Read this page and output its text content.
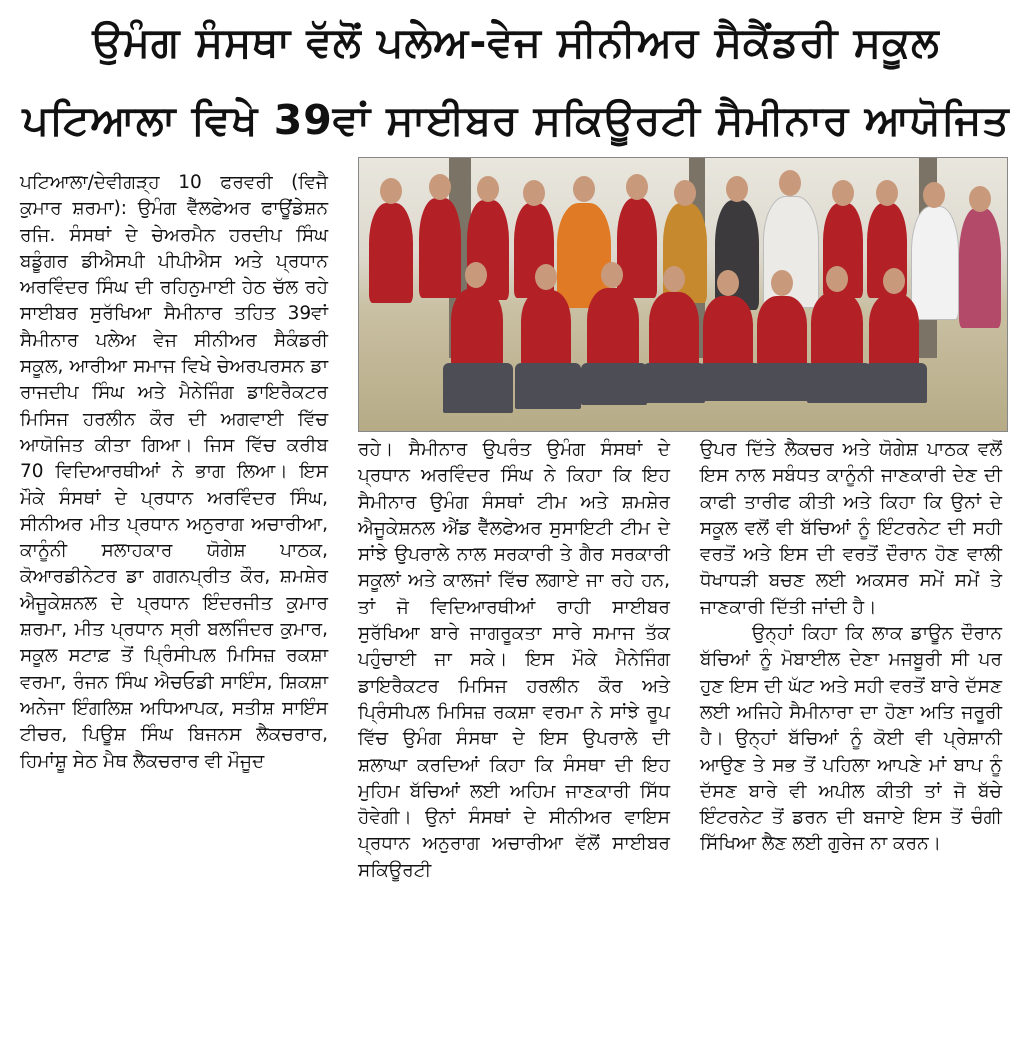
ਉਮੰਗ ਸੰਸਥਾ ਵੱਲੋਂ ਪਲੇਅ-ਵੇਜ ਸੀਨੀਅਰ ਸੈਕੈਂਡਰੀ ਸਕੂਲ
ਪਟਿਆਲਾ ਵਿਖੇ 39ਵਾਂ ਸਾਈਬਰ ਸਕਿਊਰਟੀ ਸੈਮੀਨਾਰ ਆਯੋਜਿਤ

ਪਟਿਆਲਾ/ਦੇਵੀਗੜ੍ਹ 10 ਫਰਵਰੀ (ਵਿਜੈ ਕੁਮਾਰ ਸ਼ਰਮਾ): ਉਮੰਗ ਵੈੱਲਫੇਅਰ ਫਾਊਂਡੇਸ਼ਨ ਰਜਿ. ਸੰਸਥਾਂ ਦੇ ਚੇਅਰਮੈਨ ਹਰਦੀਪ ਸਿੰਘ ਬਡੂੰਗਰ ਡੀਐਸਪੀ ਪੀਪੀਐਸ ਅਤੇ ਪ੍ਰਧਾਨ ਅਰਵਿੰਦਰ ਸਿੰਘ ਦੀ ਰਹਿਨੁਮਾਈ ਹੇਠ ਚੱਲ ਰਹੇ ਸਾਈਬਰ ਸੁਰੱਖਿਆ ਸੈਮੀਨਾਰ ਤਹਿਤ 39ਵਾਂ ਸੈਮੀਨਾਰ ਪਲੇਅ ਵੇਜ ਸੀਨੀਅਰ ਸੈਕੰਡਰੀ ਸਕੂਲ, ਆਰੀਆ ਸਮਾਜ ਵਿਖੇ ਚੇਅਰਪਰਸਨ ਡਾ ਰਾਜਦੀਪ ਸਿੰਘ ਅਤੇ ਮੈਨੇਜਿੰਗ ਡਾਇਰੈਕਟਰ ਮਿਸਿਜ ਹਰਲੀਨ ਕੌਰ ਦੀ ਅਗਵਾਈ ਵਿੱਚ ਆਯੋਜਿਤ ਕੀਤਾ ਗਿਆ। ਜਿਸ ਵਿੱਚ ਕਰੀਬ 70 ਵਿਦਿਆਰਥੀਆਂ ਨੇ ਭਾਗ ਲਿਆ। ਇਸ ਮੌਕੇ ਸੰਸਥਾਂ ਦੇ ਪ੍ਰਧਾਨ ਅਰਵਿੰਦਰ ਸਿੰਘ, ਸੀਨੀਅਰ ਮੀਤ ਪ੍ਰਧਾਨ ਅਨੁਰਾਗ ਅਚਾਰੀਆ, ਕਾਨੂੰਨੀ ਸਲਾਹਕਾਰ ਯੋਗੇਸ਼ ਪਾਠਕ, ਕੋਆਰਡੀਨੇਟਰ ਡਾ ਗਗਨਪ੍ਰੀਤ ਕੌਰ, ਸ਼ਮਸ਼ੇਰ ਐਜੂਕੇਸ਼ਨਲ ਦੇ ਪ੍ਰਧਾਨ ਇੰਦਰਜੀਤ ਕੁਮਾਰ ਸ਼ਰਮਾ, ਮੀਤ ਪ੍ਰਧਾਨ ਸ੍ਰੀ ਬਲਜਿੰਦਰ ਕੁਮਾਰ, ਸਕੂਲ ਸਟਾਫ਼ ਤੋਂ ਪ੍ਰਿੰਸੀਪਲ ਮਿਸਿਜ਼ ਰਕਸ਼ਾ ਵਰਮਾ, ਰੰਜਨ ਸਿੰਘ ਐਚਓਡੀ ਸਾਇੰਸ, ਸ਼ਿਕਸ਼ਾ ਅਨੇਜਾ ਇੰਗਲਿਸ਼ ਅਧਿਆਪਕ, ਸਤੀਸ਼ ਸਾਇੰਸ ਟੀਚਰ, ਪਿਊਸ਼ ਸਿੰਘ ਬਿਜਨਸ ਲੈਕਚਰਾਰ, ਹਿਮਾਂਸ਼ੂ ਸੇਠ ਮੈਥ ਲੈਕਚਰਾਰ ਵੀ ਮੌਜੂਦ

ਰਹੇ। ਸੈਮੀਨਾਰ ਉਪਰੰਤ ਉਮੰਗ ਸੰਸਥਾਂ ਦੇ ਪ੍ਰਧਾਨ ਅਰਵਿੰਦਰ ਸਿੰਘ ਨੇ ਕਿਹਾ ਕਿ ਇਹ ਸੈਮੀਨਾਰ ਉਮੰਗ ਸੰਸਥਾਂ ਟੀਮ ਅਤੇ ਸ਼ਮਸ਼ੇਰ ਐਜੂਕੇਸ਼ਨਲ ਐਂਡ ਵੈੱਲਫੇਅਰ ਸੁਸਾਇਟੀ ਟੀਮ ਦੇ ਸਾਂਝੇ ਉਪਰਾਲੇ ਨਾਲ ਸਰਕਾਰੀ ਤੇ ਗੈਰ ਸਰਕਾਰੀ ਸਕੂਲਾਂ ਅਤੇ ਕਾਲਜਾਂ ਵਿੱਚ ਲਗਾਏ ਜਾ ਰਹੇ ਹਨ, ਤਾਂ ਜੋ ਵਿਦਿਆਰਥੀਆਂ ਰਾਹੀ ਸਾਈਬਰ ਸੁਰੱਖਿਆ ਬਾਰੇ ਜਾਗਰੂਕਤਾ ਸਾਰੇ ਸਮਾਜ ਤੱਕ ਪਹੁੰਚਾਈ ਜਾ ਸਕੇ। ਇਸ ਮੌਕੇ ਮੈਨੇਜਿੰਗ ਡਾਇਰੈਕਟਰ ਮਿਸਿਜ ਹਰਲੀਨ ਕੌਰ ਅਤੇ ਪ੍ਰਿੰਸੀਪਲ ਮਿਸਿਜ਼ ਰਕਸ਼ਾ ਵਰਮਾ ਨੇ ਸਾਂਝੇ ਰੂਪ ਵਿੱਚ ਉਮੰਗ ਸੰਸਥਾ ਦੇ ਇਸ ਉਪਰਾਲੇ ਦੀ ਸ਼ਲਾਘਾ ਕਰਦਿਆਂ ਕਿਹਾ ਕਿ ਸੰਸਥਾ ਦੀ ਇਹ ਮੁਹਿਮ ਬੱਚਿਆਂ ਲਈ ਅਹਿਮ ਜਾਣਕਾਰੀ ਸਿੱਧ ਹੋਵੇਗੀ। ਉਨਾਂ ਸੰਸਥਾਂ ਦੇ ਸੀਨੀਅਰ ਵਾਇਸ ਪ੍ਰਧਾਨ ਅਨੁਰਾਗ ਅਚਾਰੀਆ ਵੱਲੋਂ ਸਾਈਬਰ ਸਕਿਊਰਟੀ

ਉਪਰ ਦਿੱਤੇ ਲੈਕਚਰ ਅਤੇ ਯੋਗੇਸ਼ ਪਾਠਕ ਵਲੋਂ ਇਸ ਨਾਲ ਸਬੰਧਤ ਕਾਨੂੰਨੀ ਜਾਣਕਾਰੀ ਦੇਣ ਦੀ ਕਾਫੀ ਤਾਰੀਫ ਕੀਤੀ ਅਤੇ ਕਿਹਾ ਕਿ ਉਨਾਂ ਦੇ ਸਕੂਲ ਵਲੋਂ ਵੀ ਬੱਚਿਆਂ ਨੂੰ ਇੰਟਰਨੇਟ ਦੀ ਸਹੀ ਵਰਤੋਂ ਅਤੇ ਇਸ ਦੀ ਵਰਤੋਂ ਦੌਰਾਨ ਹੋਣ ਵਾਲੀ ਧੋਖਾਧੜੀ ਬਚਣ ਲਈ ਅਕਸਰ ਸਮੇਂ ਸਮੇਂ ਤੇ ਜਾਣਕਾਰੀ ਦਿੱਤੀ ਜਾਂਦੀ ਹੈ।

ਉਨ੍ਹਾਂ ਕਿਹਾ ਕਿ ਲਾਕ ਡਾਊਨ ਦੌਰਾਨ ਬੱਚਿਆਂ ਨੂੰ ਮੋਬਾਈਲ ਦੇਣਾ ਮਜਬੂਰੀ ਸੀ ਪਰ ਹੁਣ ਇਸ ਦੀ ਘੱਟ ਅਤੇ ਸਹੀ ਵਰਤੋਂ ਬਾਰੇ ਦੱਸਣ ਲਈ ਅਜਿਹੇ ਸੈਮੀਨਾਰਾ ਦਾ ਹੋਣਾ ਅਤਿ ਜਰੂਰੀ ਹੈ। ਉਨ੍ਹਾਂ ਬੱਚਿਆਂ ਨੂੰ ਕੋਈ ਵੀ ਪ੍ਰੇਸ਼ਾਨੀ ਆਉਣ ਤੇ ਸਭ ਤੋਂ ਪਹਿਲਾ ਆਪਣੇ ਮਾਂ ਬਾਪ ਨੂੰ ਦੱਸਣ ਬਾਰੇ ਵੀ ਅਪੀਲ ਕੀਤੀ ਤਾਂ ਜੋ ਬੱਚੇ ਇੰਟਰਨੇਟ ਤੋਂ ਡਰਨ ਦੀ ਬਜਾਏ ਇਸ ਤੋਂ ਚੰਗੀ ਸਿੱਖਿਆ ਲੈਣ ਲਈ ਗੁਰੇਜ ਨਾ ਕਰਨ।
